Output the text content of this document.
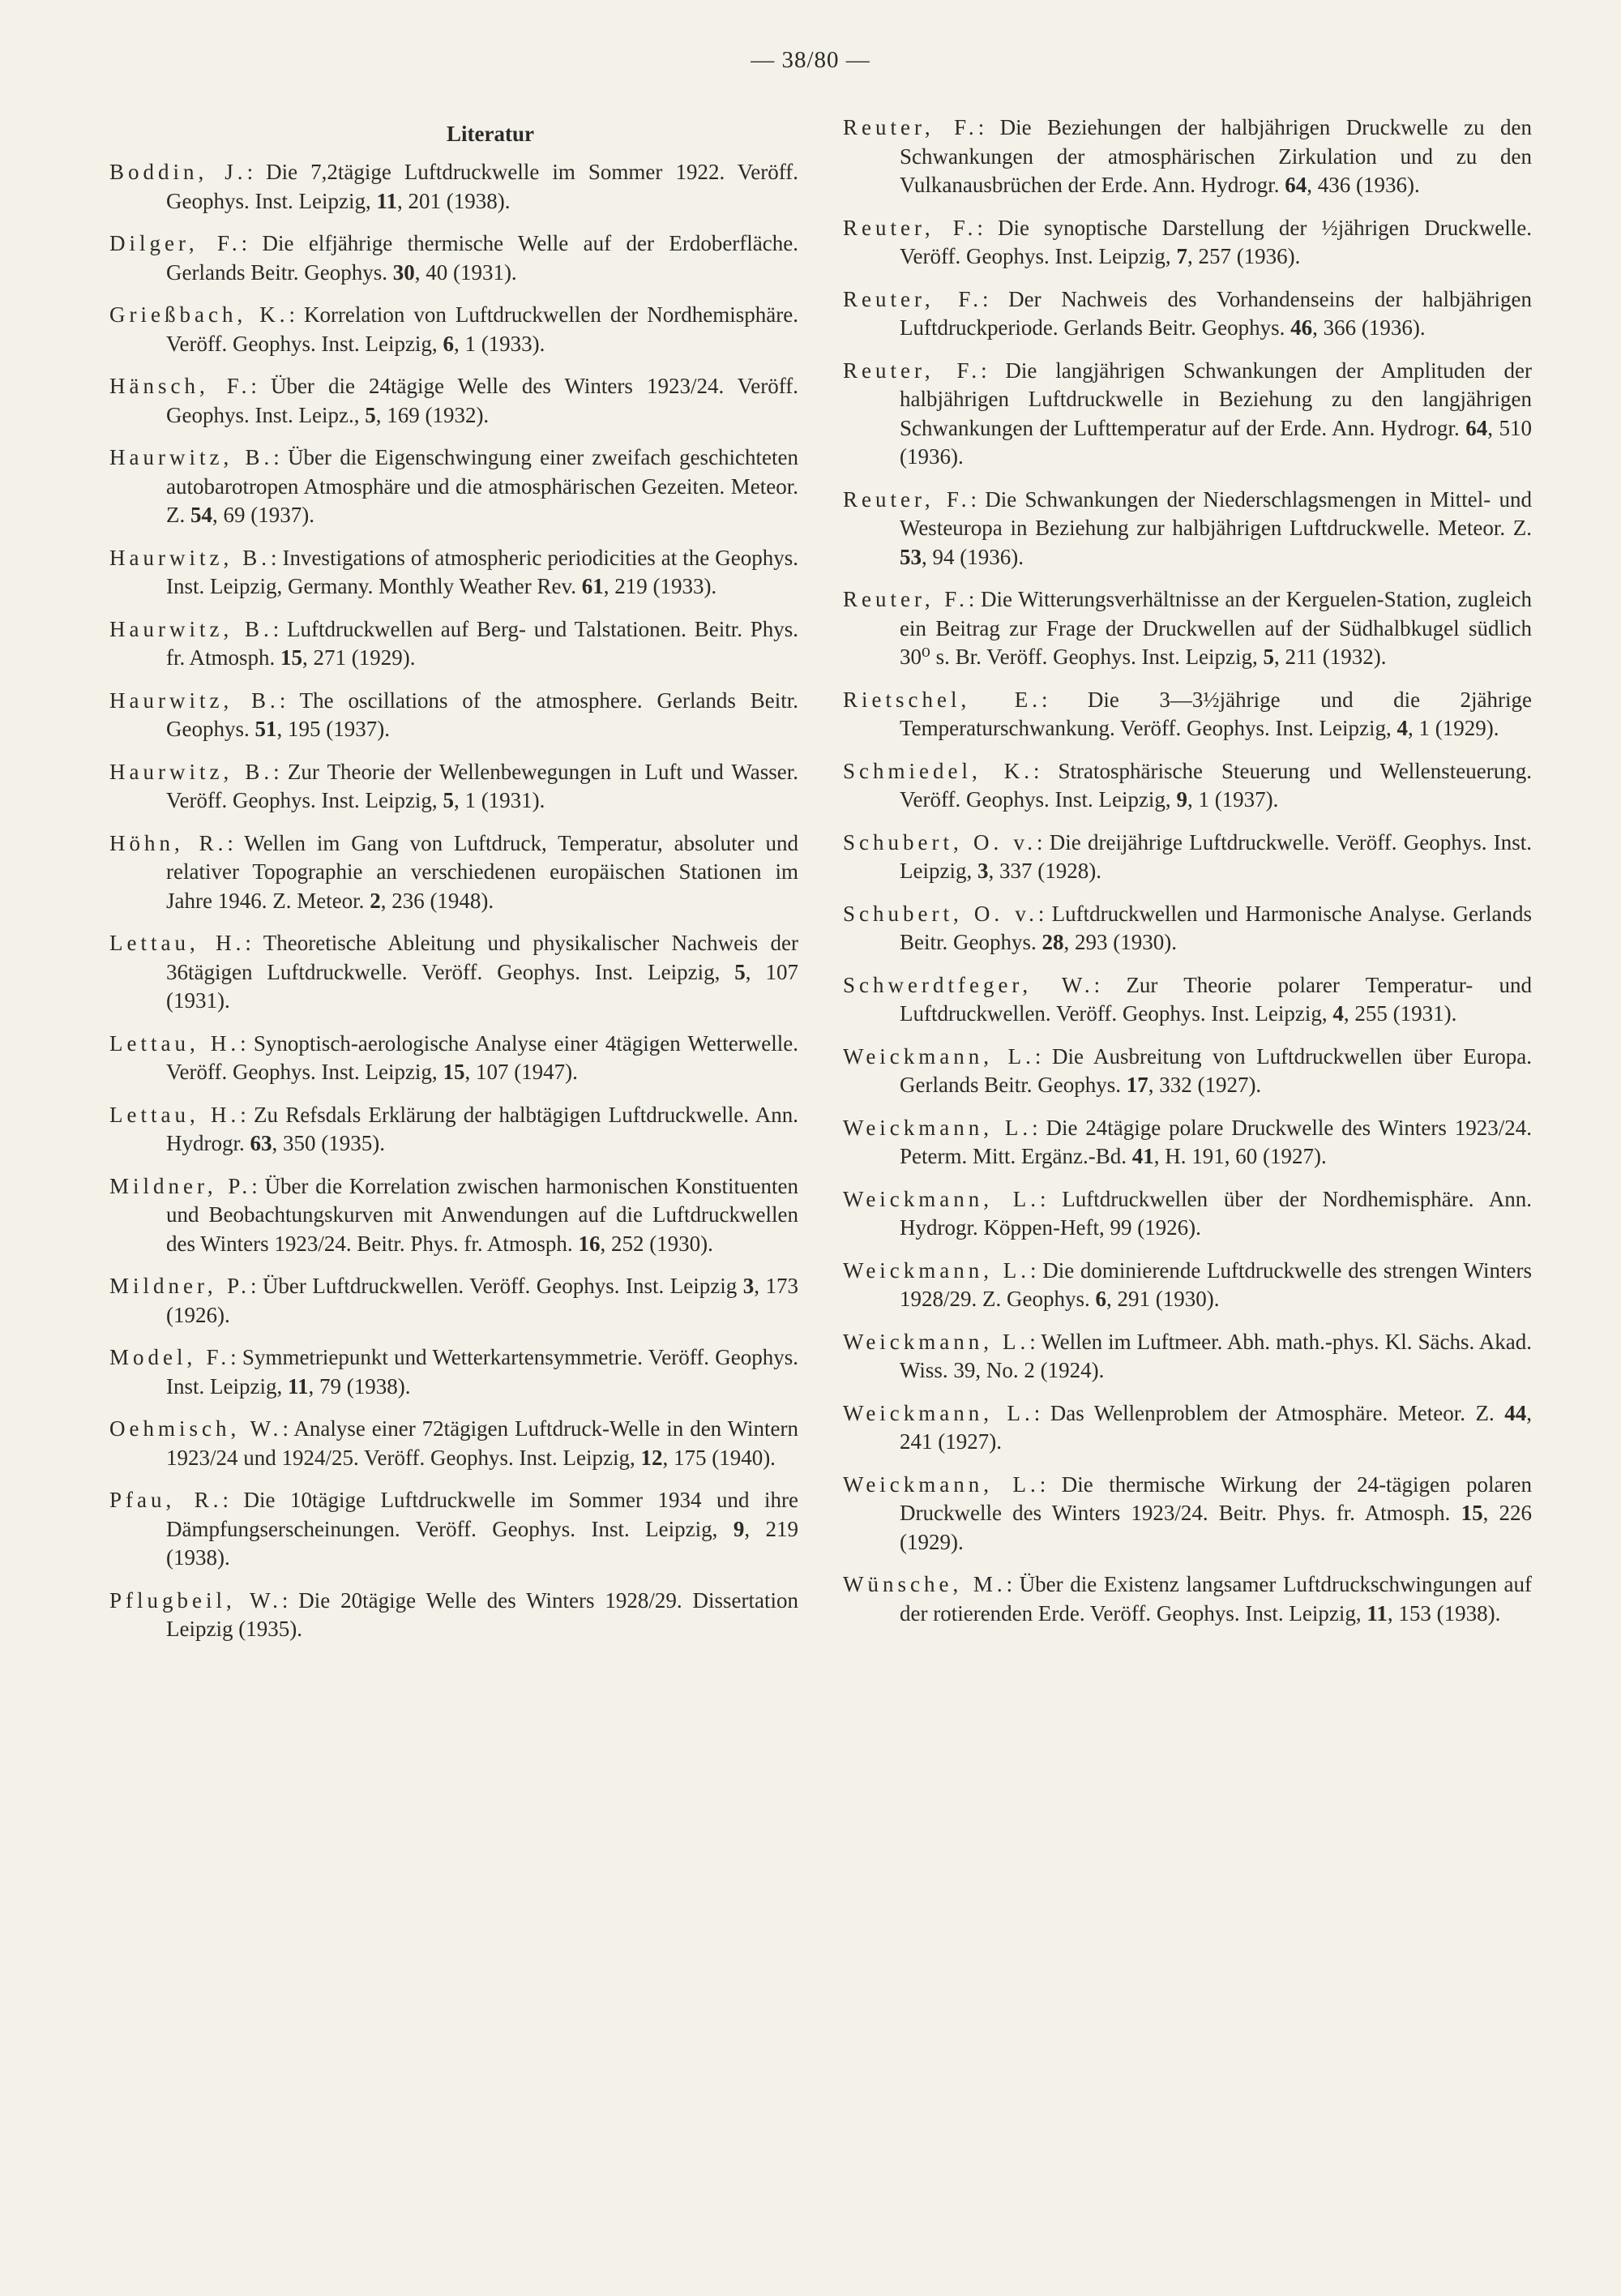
— 38/80 —
Literatur

Boddin, J.: Die 7,2tägige Luftdruckwelle im Sommer 1922. Veröff. Geophys. Inst. Leipzig, 11, 201 (1938).

Dilger, F.: Die elfjährige thermische Welle auf der Erdoberfläche. Gerlands Beitr. Geophys. 30, 40 (1931).

Grießbach, K.: Korrelation von Luftdruckwellen der Nordhemisphäre. Veröff. Geophys. Inst. Leipzig, 6, 1 (1933).

Hänsch, F.: Über die 24tägige Welle des Winters 1923/24. Veröff. Geophys. Inst. Leipz., 5, 169 (1932).

Haurwitz, B.: Über die Eigenschwingung einer zweifach geschichteten autobarotropen Atmosphäre und die atmosphärischen Gezeiten. Meteor. Z. 54, 69 (1937).

Haurwitz, B.: Investigations of atmospheric periodicities at the Geophys. Inst. Leipzig, Germany. Monthly Weather Rev. 61, 219 (1933).

Haurwitz, B.: Luftdruckwellen auf Berg- und Talstationen. Beitr. Phys. fr. Atmosph. 15, 271 (1929).

Haurwitz, B.: The oscillations of the atmosphere. Gerlands Beitr. Geophys. 51, 195 (1937).

Haurwitz, B.: Zur Theorie der Wellenbewegungen in Luft und Wasser. Veröff. Geophys. Inst. Leipzig, 5, 1 (1931).

Höhn, R.: Wellen im Gang von Luftdruck, Temperatur, absoluter und relativer Topographie an verschiedenen europäischen Stationen im Jahre 1946. Z. Meteor. 2, 236 (1948).

Lettau, H.: Theoretische Ableitung und physikalischer Nachweis der 36tägigen Luftdruckwelle. Veröff. Geophys. Inst. Leipzig, 5, 107 (1931).

Lettau, H.: Synoptisch-aerologische Analyse einer 4tägigen Wetterwelle. Veröff. Geophys. Inst. Leipzig, 15, 107 (1947).

Lettau, H.: Zu Refsdals Erklärung der halbtägigen Luftdruckwelle. Ann. Hydrogr. 63, 350 (1935).

Mildner, P.: Über die Korrelation zwischen harmonischen Konstituenten und Beobachtungskurven mit Anwendungen auf die Luftdruckwellen des Winters 1923/24. Beitr. Phys. fr. Atmosph. 16, 252 (1930).

Mildner, P.: Über Luftdruckwellen. Veröff. Geophys. Inst. Leipzig 3, 173 (1926).

Model, F.: Symmetriepunkt und Wetterkartensymmetrie. Veröff. Geophys. Inst. Leipzig, 11, 79 (1938).

Oehmisch, W.: Analyse einer 72tägigen Luftdruck-Welle in den Wintern 1923/24 und 1924/25. Veröff. Geophys. Inst. Leipzig, 12, 175 (1940).

Pfau, R.: Die 10tägige Luftdruckwelle im Sommer 1934 und ihre Dämpfungserscheinungen. Veröff. Geophys. Inst. Leipzig, 9, 219 (1938).

Pflugbeil, W.: Die 20tägige Welle des Winters 1928/29. Dissertation Leipzig (1935).

Reuter, F.: Die Beziehungen der halbjährigen Druckwelle zu den Schwankungen der atmosphärischen Zirkulation und zu den Vulkanausbrüchen der Erde. Ann. Hydrogr. 64, 436 (1936).

Reuter, F.: Die synoptische Darstellung der ½jährigen Druckwelle. Veröff. Geophys. Inst. Leipzig, 7, 257 (1936).

Reuter, F.: Der Nachweis des Vorhandenseins der halbjährigen Luftdruckperiode. Gerlands Beitr. Geophys. 46, 366 (1936).

Reuter, F.: Die langjährigen Schwankungen der Amplituden der halbjährigen Luftdruckwelle in Beziehung zu den langjährigen Schwankungen der Lufttemperatur auf der Erde. Ann. Hydrogr. 64, 510 (1936).

Reuter, F.: Die Schwankungen der Niederschlagsmengen in Mittel- und Westeuropa in Beziehung zur halbjährigen Luftdruckwelle. Meteor. Z. 53, 94 (1936).

Reuter, F.: Die Witterungsverhältnisse an der Kerguelen-Station, zugleich ein Beitrag zur Frage der Druckwellen auf der Südhalbkugel südlich 30⁰ s. Br. Veröff. Geophys. Inst. Leipzig, 5, 211 (1932).

Rietschel, E.: Die 3—3½jährige und die 2jährige Temperaturschwankung. Veröff. Geophys. Inst. Leipzig, 4, 1 (1929).

Schmiedel, K.: Stratosphärische Steuerung und Wellensteuerung. Veröff. Geophys. Inst. Leipzig, 9, 1 (1937).

Schubert, O. v.: Die dreijährige Luftdruckwelle. Veröff. Geophys. Inst. Leipzig, 3, 337 (1928).

Schubert, O. v.: Luftdruckwellen und Harmonische Analyse. Gerlands Beitr. Geophys. 28, 293 (1930).

Schwerdtfeger, W.: Zur Theorie polarer Temperatur- und Luftdruckwellen. Veröff. Geophys. Inst. Leipzig, 4, 255 (1931).

Weickmann, L.: Die Ausbreitung von Luftdruckwellen über Europa. Gerlands Beitr. Geophys. 17, 332 (1927).

Weickmann, L.: Die 24tägige polare Druckwelle des Winters 1923/24. Peterm. Mitt. Ergänz.-Bd. 41, H. 191, 60 (1927).

Weickmann, L.: Luftdruckwellen über der Nordhemisphäre. Ann. Hydrogr. Köppen-Heft, 99 (1926).

Weickmann, L.: Die dominierende Luftdruckwelle des strengen Winters 1928/29. Z. Geophys. 6, 291 (1930).

Weickmann, L.: Wellen im Luftmeer. Abh. math.-phys. Kl. Sächs. Akad. Wiss. 39, No. 2 (1924).

Weickmann, L.: Das Wellenproblem der Atmosphäre. Meteor. Z. 44, 241 (1927).

Weickmann, L.: Die thermische Wirkung der 24-tägigen polaren Druckwelle des Winters 1923/24. Beitr. Phys. fr. Atmosph. 15, 226 (1929).

Wünsche, M.: Über die Existenz langsamer Luftdruckschwingungen auf der rotierenden Erde. Veröff. Geophys. Inst. Leipzig, 11, 153 (1938).
